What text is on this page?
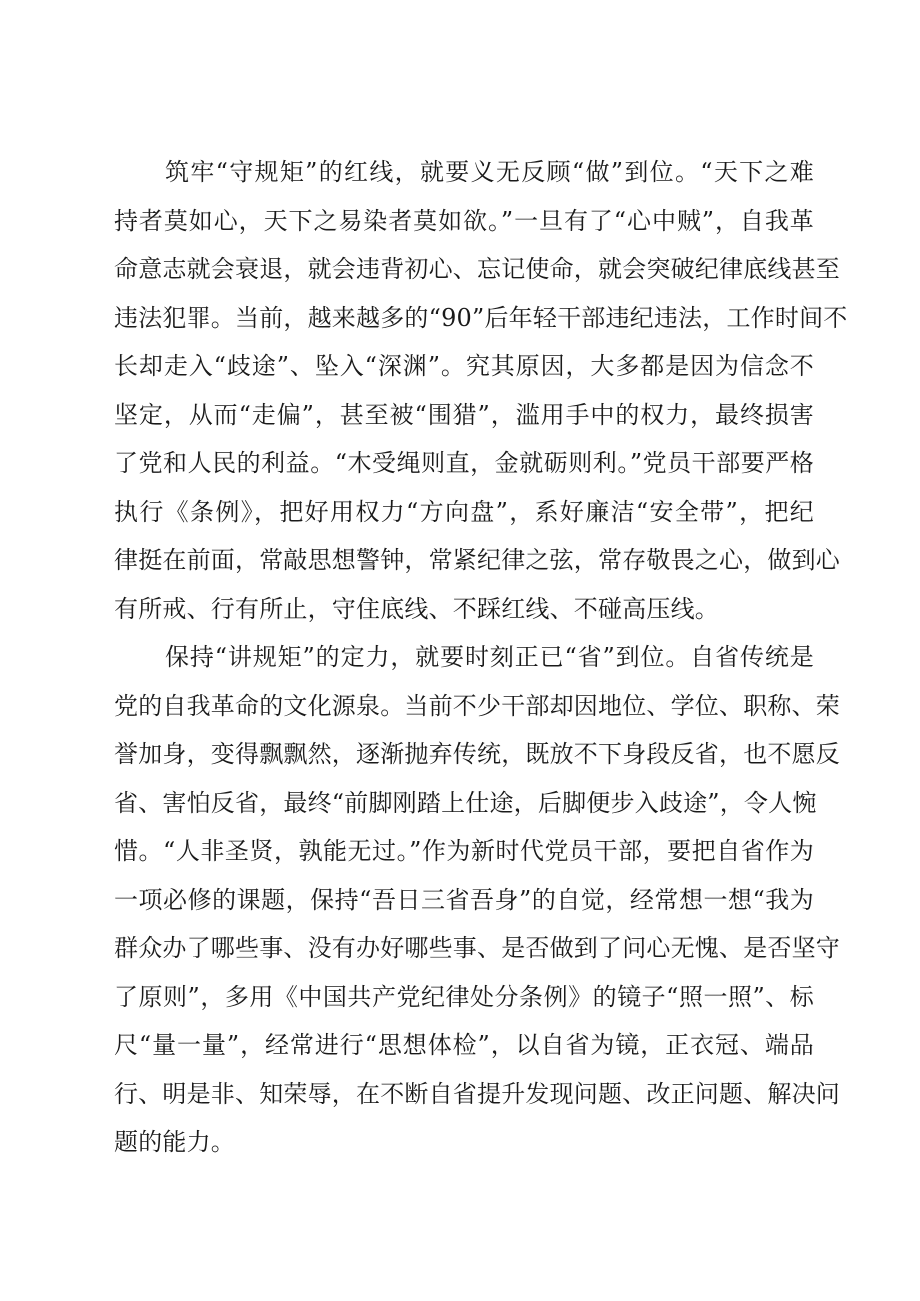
筑牢“守规矩”的红线，就要义无反顾“做”到位。“天下之难
持者莫如心，天下之易染者莫如欲。”一旦有了“心中贼”，自我革
命意志就会衰退，就会违背初心、忘记使命，就会突破纪律底线甚至
违法犯罪。当前，越来越多的“90”后年轻干部违纪违法，工作时间不
长却走入“歧途”、坠入“深渊”。究其原因，大多都是因为信念不
坚定，从而“走偏”，甚至被“围猎”，滥用手中的权力，最终损害
了党和人民的利益。“木受绳则直，金就砺则利。”党员干部要严格
执行《条例》，把好用权力“方向盘”，系好廉洁“安全带”，把纪
律挺在前面，常敲思想警钟，常紧纪律之弦，常存敬畏之心，做到心
有所戒、行有所止，守住底线、不踩红线、不碰高压线。
保持“讲规矩”的定力，就要时刻正已“省”到位。自省传统是
党的自我革命的文化源泉。当前不少干部却因地位、学位、职称、荣
誉加身，变得飘飘然，逐渐抛弃传统，既放不下身段反省，也不愿反
省、害怕反省，最终“前脚刚踏上仕途，后脚便步入歧途”，令人惋
惜。“人非圣贤，孰能无过。”作为新时代党员干部，要把自省作为
一项必修的课题，保持“吾日三省吾身”的自觉，经常想一想“我为
群众办了哪些事、没有办好哪些事、是否做到了问心无愧、是否坚守
了原则”，多用《中国共产党纪律处分条例》的镜子“照一照”、标
尺“量一量”，经常进行“思想体检”，以自省为镜，正衣冠、端品
行、明是非、知荣辱，在不断自省提升发现问题、改正问题、解决问
题的能力。
